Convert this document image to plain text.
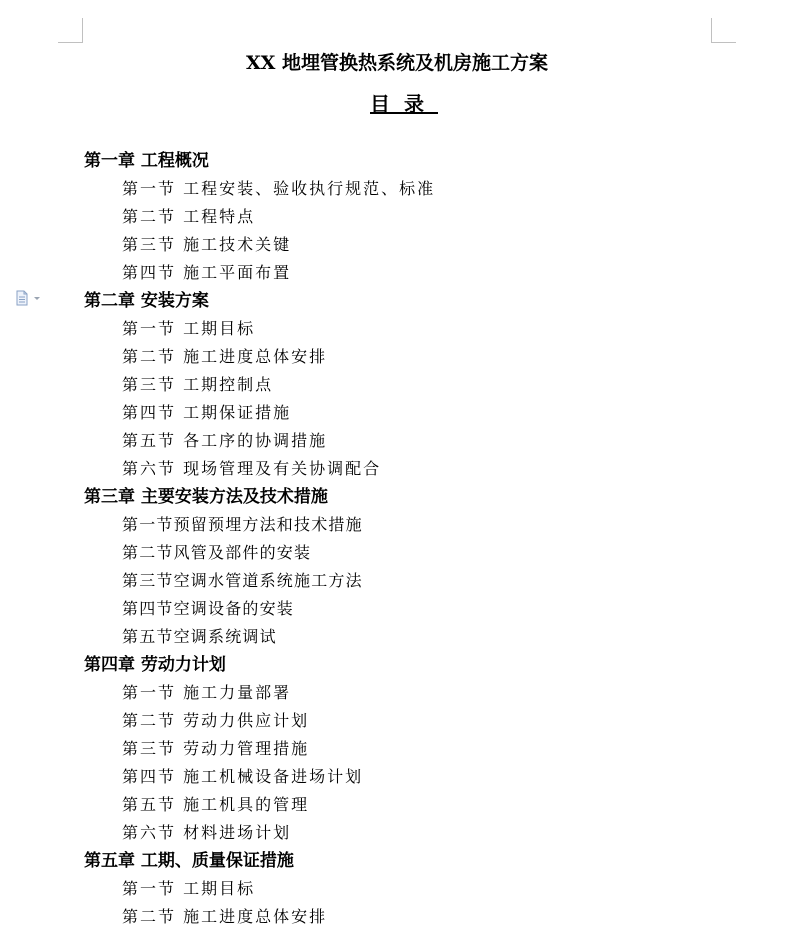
XX 地埋管换热系统及机房施工方案
目录
第一章 工程概况
第一节 工程安装、验收执行规范、标准
第二节 工程特点
第三节 施工技术关键
第四节 施工平面布置
第二章 安装方案
第一节 工期目标
第二节 施工进度总体安排
第三节 工期控制点
第四节 工期保证措施
第五节 各工序的协调措施
第六节 现场管理及有关协调配合
第三章 主要安装方法及技术措施
第一节预留预埋方法和技术措施
第二节风管及部件的安装
第三节空调水管道系统施工方法
第四节空调设备的安装
第五节空调系统调试
第四章 劳动力计划
第一节 施工力量部署
第二节 劳动力供应计划
第三节 劳动力管理措施
第四节 施工机械设备进场计划
第五节 施工机具的管理
第六节 材料进场计划
第五章 工期、质量保证措施
第一节 工期目标
第二节 施工进度总体安排
